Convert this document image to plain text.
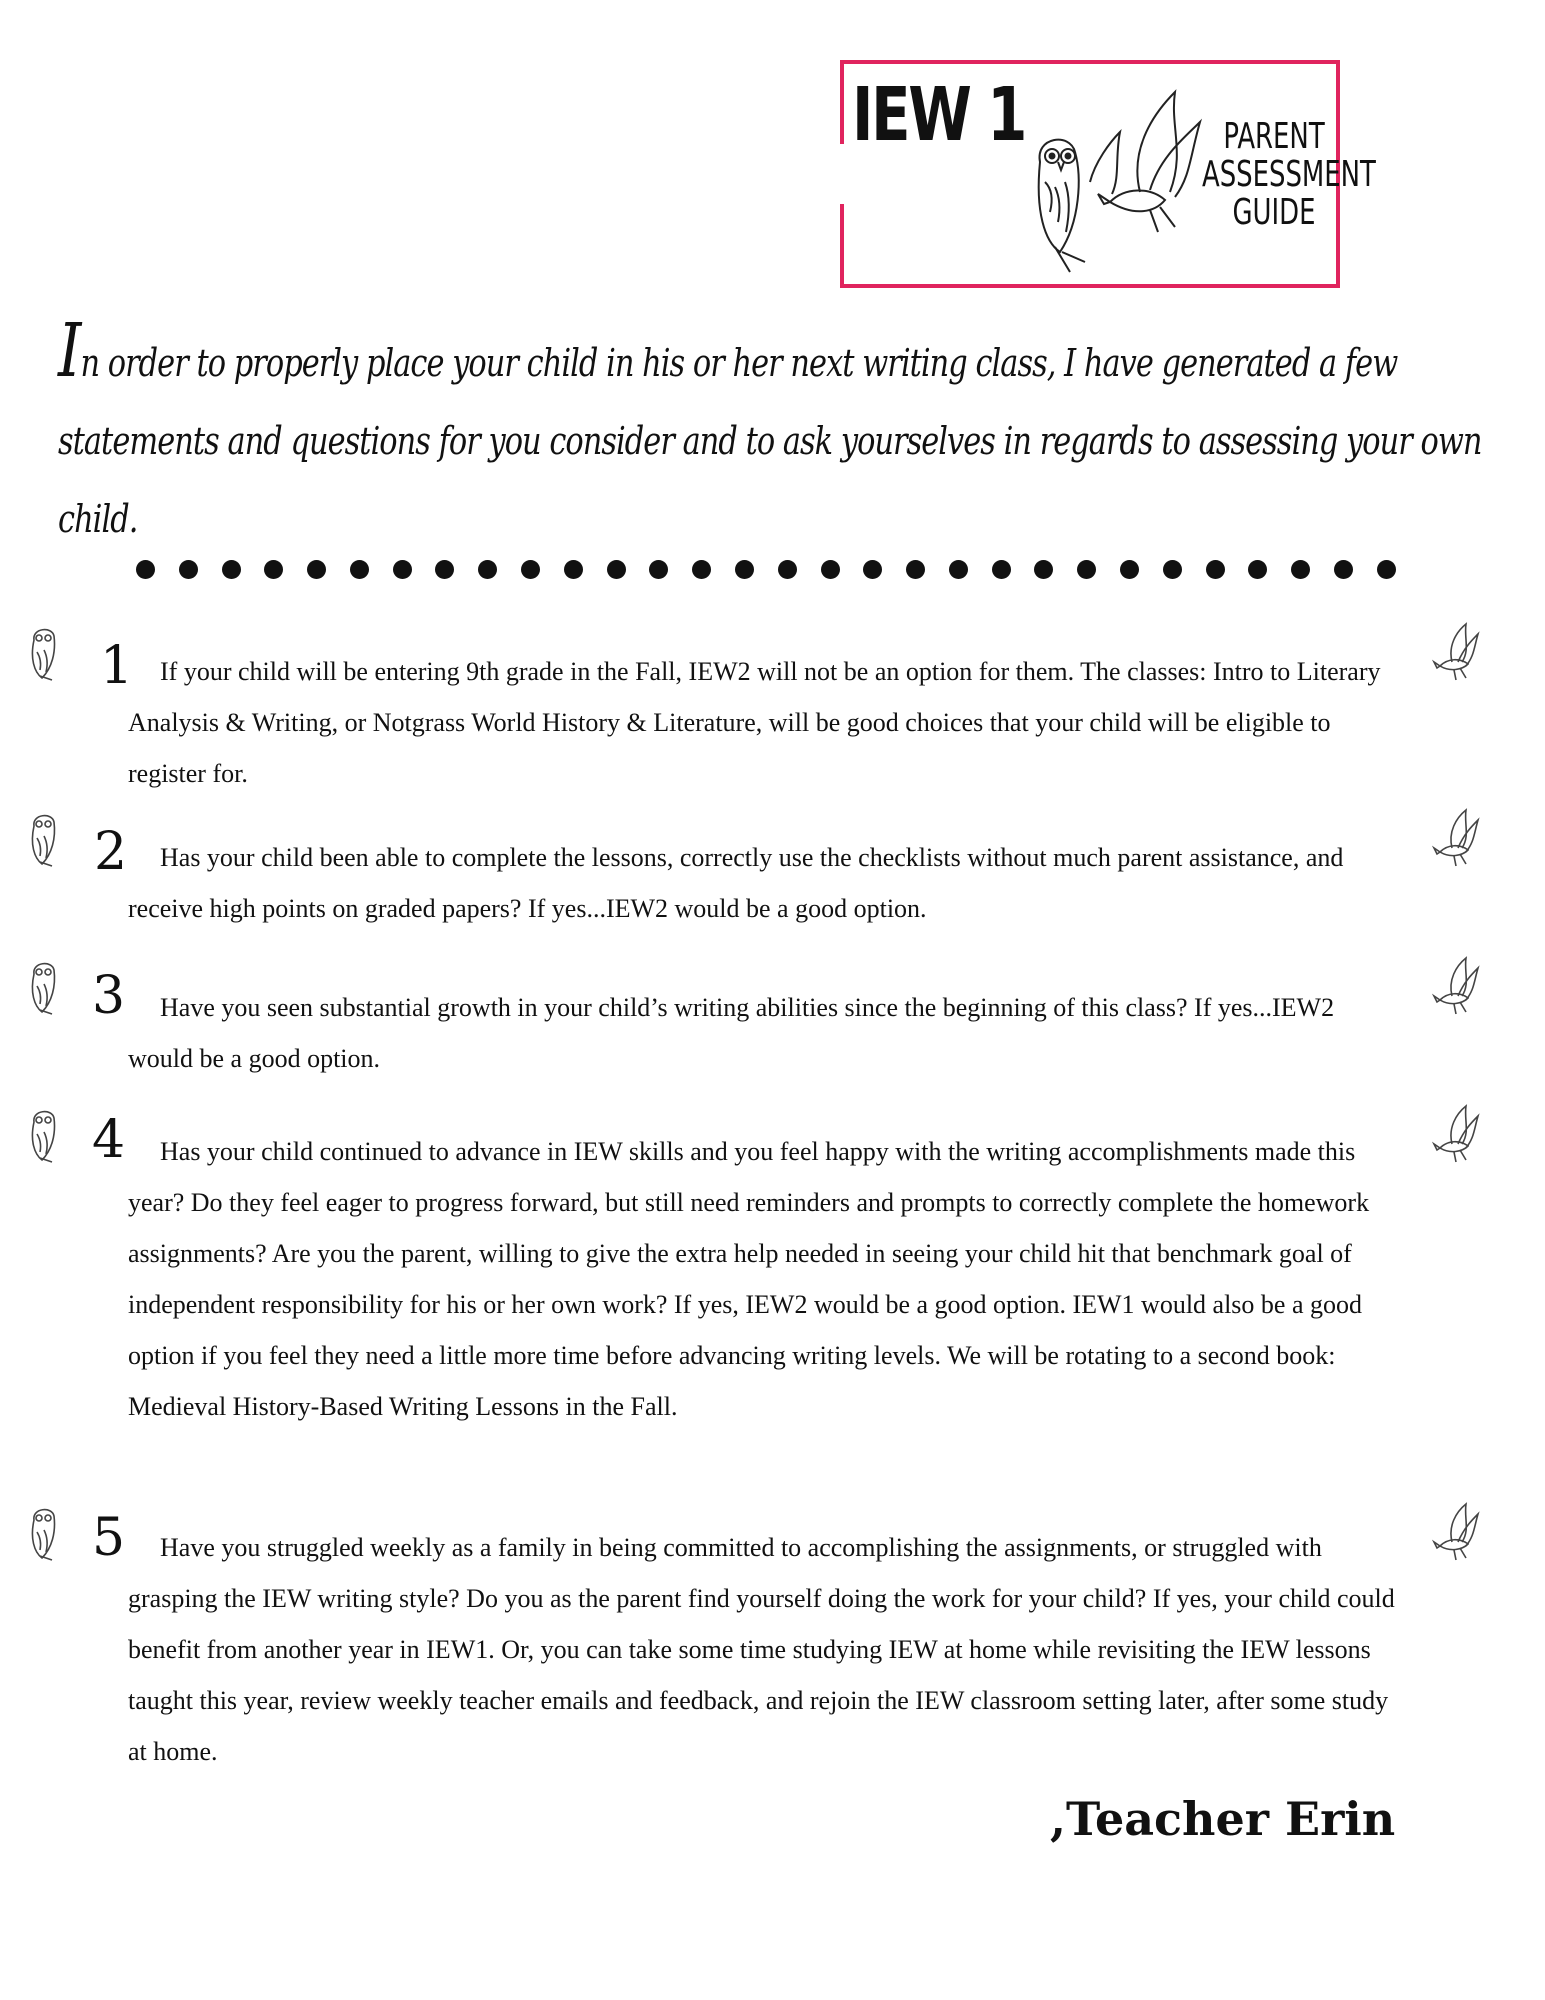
IEW 1	PARENT
ASSESSMENT
GUIDE
In order to properly place your child in his or her next writing class, I have generated a few statements and questions for you consider and to ask yourselves in regards to assessing your own child.
1	If your child will be entering 9th grade in the Fall, IEW2 will not be an option for them. The classes: Intro to Literary Analysis & Writing, or Notgrass World History & Literature, will be good choices that your child will be eligible to register for.
2	Has your child been able to complete the lessons, correctly use the checklists without much parent assistance, and receive high points on graded papers? If yes...IEW2 would be a good option.
3	Have you seen substantial growth in your child’s writing abilities since the beginning of this class? If yes...IEW2 would be a good option.
4	Has your child continued to advance in IEW skills and you feel happy with the writing accomplishments made this year? Do they feel eager to progress forward, but still need reminders and prompts to correctly complete the homework assignments? Are you the parent, willing to give the extra help needed in seeing your child hit that benchmark goal of independent responsibility for his or her own work? If yes, IEW2 would be a good option. IEW1 would also be a good option if you feel they need a little more time before advancing writing levels. We will be rotating to a second book: Medieval History-Based Writing Lessons in the Fall.
5	Have you struggled weekly as a family in being committed to accomplishing the assignments, or struggled with grasping the IEW writing style? Do you as the parent find yourself doing the work for your child? If yes, your child could benefit from another year in IEW1. Or, you can take some time studying IEW at home while revisiting the IEW lessons taught this year, review weekly teacher emails and feedback, and rejoin the IEW classroom setting later, after some study at home.
,Teacher Erin
